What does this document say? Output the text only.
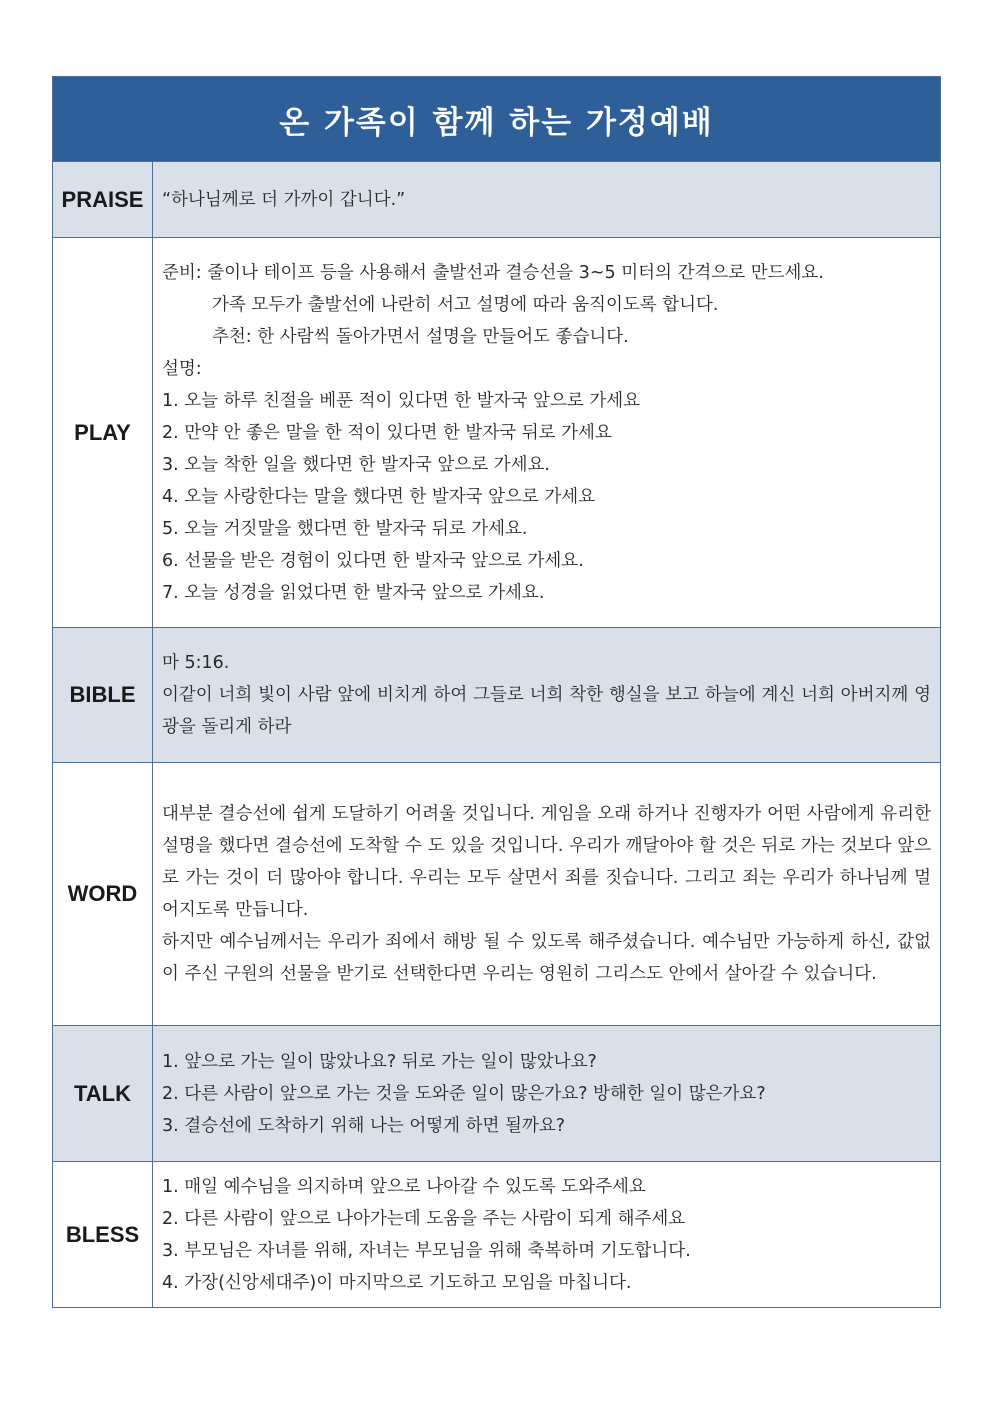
온 가족이 함께 하는 가정예배
PRAISE	“하나님께로 더 가까이 갑니다.”
PLAY
준비: 줄이나 테이프 등을 사용해서 출발선과 결승선을 3~5 미터의 간격으로 만드세요.
가족 모두가 출발선에 나란히 서고 설명에 따라 움직이도록 합니다.
추천: 한 사람씩 돌아가면서 설명을 만들어도 좋습니다.
설명:
1. 오늘 하루 친절을 베푼 적이 있다면 한 발자국 앞으로 가세요
2. 만약 안 좋은 말을 한 적이 있다면 한 발자국 뒤로 가세요
3. 오늘 착한 일을 했다면 한 발자국 앞으로 가세요.
4. 오늘 사랑한다는 말을 했다면 한 발자국 앞으로 가세요
5. 오늘 거짓말을 했다면 한 발자국 뒤로 가세요.
6. 선물을 받은 경험이 있다면 한 발자국 앞으로 가세요.
7. 오늘 성경을 읽었다면 한 발자국 앞으로 가세요.
BIBLE
마 5:16.
이같이 너희 빛이 사람 앞에 비치게 하여 그들로 너희 착한 행실을 보고 하늘에 계신 너희 아버지께 영광을 돌리게 하라
WORD
대부분 결승선에 쉽게 도달하기 어려울 것입니다. 게임을 오래 하거나 진행자가 어떤 사람에게 유리한 설명을 했다면 결승선에 도착할 수 도 있을 것입니다. 우리가 깨달아야 할 것은 뒤로 가는 것보다 앞으로 가는 것이 더 많아야 합니다. 우리는 모두 살면서 죄를 짓습니다. 그리고 죄는 우리가 하나님께 멀어지도록 만듭니다.
하지만 예수님께서는 우리가 죄에서 해방 될 수 있도록 해주셨습니다. 예수님만 가능하게 하신, 값없이 주신 구원의 선물을 받기로 선택한다면 우리는 영원히 그리스도 안에서 살아갈 수 있습니다.
TALK
1. 앞으로 가는 일이 많았나요? 뒤로 가는 일이 많았나요?
2. 다른 사람이 앞으로 가는 것을 도와준 일이 많은가요? 방해한 일이 많은가요?
3. 결승선에 도착하기 위해 나는 어떻게 하면 될까요?
BLESS
1. 매일 예수님을 의지하며 앞으로 나아갈 수 있도록 도와주세요
2. 다른 사람이 앞으로 나아가는데 도움을 주는 사람이 되게 해주세요
3. 부모님은 자녀를 위해, 자녀는 부모님을 위해 축복하며 기도합니다.
4. 가장(신앙세대주)이 마지막으로 기도하고 모임을 마칩니다.
